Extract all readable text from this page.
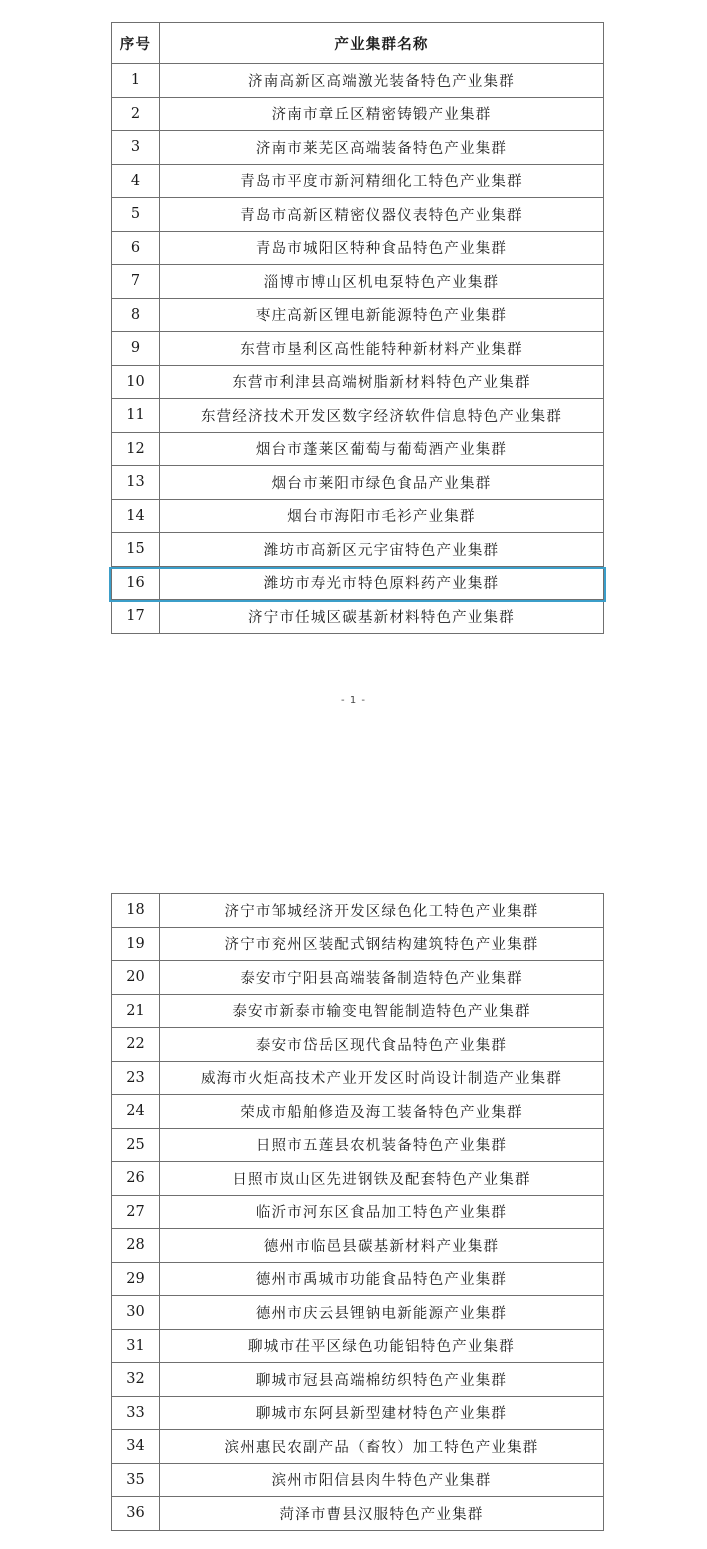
序号	产业集群名称
1	济南高新区高端激光装备特色产业集群
2	济南市章丘区精密铸锻产业集群
3	济南市莱芜区高端装备特色产业集群
4	青岛市平度市新河精细化工特色产业集群
5	青岛市高新区精密仪器仪表特色产业集群
6	青岛市城阳区特种食品特色产业集群
7	淄博市博山区机电泵特色产业集群
8	枣庄高新区锂电新能源特色产业集群
9	东营市垦利区高性能特种新材料产业集群
10	东营市利津县高端树脂新材料特色产业集群
11	东营经济技术开发区数字经济软件信息特色产业集群
12	烟台市蓬莱区葡萄与葡萄酒产业集群
13	烟台市莱阳市绿色食品产业集群
14	烟台市海阳市毛衫产业集群
15	潍坊市高新区元宇宙特色产业集群
16	潍坊市寿光市特色原料药产业集群
17	济宁市任城区碳基新材料特色产业集群
- 1 -
18	济宁市邹城经济开发区绿色化工特色产业集群
19	济宁市兖州区装配式钢结构建筑特色产业集群
20	泰安市宁阳县高端装备制造特色产业集群
21	泰安市新泰市输变电智能制造特色产业集群
22	泰安市岱岳区现代食品特色产业集群
23	威海市火炬高技术产业开发区时尚设计制造产业集群
24	荣成市船舶修造及海工装备特色产业集群
25	日照市五莲县农机装备特色产业集群
26	日照市岚山区先进钢铁及配套特色产业集群
27	临沂市河东区食品加工特色产业集群
28	德州市临邑县碳基新材料产业集群
29	德州市禹城市功能食品特色产业集群
30	德州市庆云县锂钠电新能源产业集群
31	聊城市茌平区绿色功能铝特色产业集群
32	聊城市冠县高端棉纺织特色产业集群
33	聊城市东阿县新型建材特色产业集群
34	滨州惠民农副产品（畜牧）加工特色产业集群
35	滨州市阳信县肉牛特色产业集群
36	菏泽市曹县汉服特色产业集群
